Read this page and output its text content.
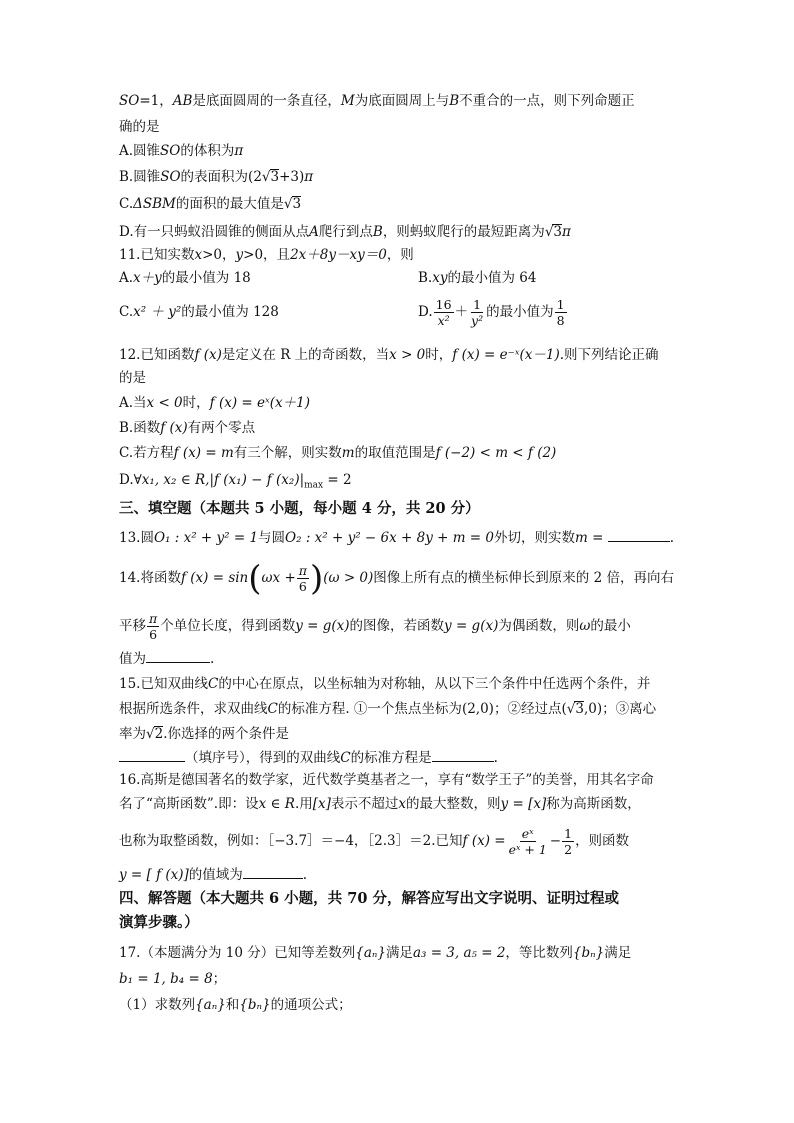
SO=1，AB是底面圆周的一条直径，M为底面圆周上与B不重合的一点，则下列命题正
确的是
A.圆锥SO的体积为π
B.圆锥SO的表面积为(2√3+3)π
C.ΔSBM的面积的最大值是√3
D.有一只蚂蚁沿圆锥的侧面从点A爬行到点B，则蚂蚁爬行的最短距离为√3π
11.已知实数x>0，y>0，且2x＋8y－xy＝0，则
A.x＋y的最小值为 18	B.xy的最小值为 64
C.x² ＋ y²的最小值为 128	D. $\frac{16}{\text{x²}} + \frac{1}{\text{y²}}$ 的最小值为 $\frac{1}{8}$
12.已知函数f (x)是定义在 R 上的奇函数，当x > 0时，f (x) = e⁻ˣ(x－1).则下列结论正确
的是
A.当x < 0时，f (x) = eˣ(x＋1)
B.函数f (x)有两个零点
C.若方程f (x) = m有三个解，则实数m的取值范围是f (−2) < m < f (2)
D.∀x₁, x₂ ∈ R,|f (x₁) − f $(x_2)|_{max} = 2$
三、填空题（本题共 5 小题，每小题 4 分，共 20 分）
13.圆O₁ : x² + y² = 1与圆O₂ : x² + y² − 6x + 8y + m = 0外切，则实数m =	.
14.将函数f $(x) = \sin(\omega x + \frac{\pi}{6} )(\omega > 0)$图像上所有点的横坐标伸长到原来的 2 倍，再向右
平移 $\frac{\pi}{6}$ 个单位长度，得到函数y = g(x)的图像，若函数y = g(x)为偶函数，则ω的最小
值为	.
15.已知双曲线C的中心在原点，以坐标轴为对称轴，从以下三个条件中任选两个条件，并
根据所选条件，求双曲线C的标准方程. ①一个焦点坐标为(2,0)；②经过点(√3,0)；③离心
率为√2.你选择的两个条件是
（填序号），得到的双曲线C的标准方程是	.
16.高斯是德国著名的数学家，近代数学奠基者之一，享有“数学王子”的美誉，用其名字命
名了“高斯函数”.即：设x ∈ R.用[x]表示不超过x的最大整数，则y = [x]称为高斯函数，
也称为取整函数，例如：［−3.7］＝−4，［2.3］＝2.已知f $(x) = \frac{\text{eˣ}}{\text{eˣ + 1}} - \frac{1}{2}$ ，则函数
y = [ f (x)]的值域为	.
四、解答题（本大题共 6 小题，共 70 分，解答应写出文字说明、证明过程或
演算步骤。）
17.（本题满分为 10 分）已知等差数列{aₙ}满足a₃ = 3, a₅ = 2，等比数列{bₙ}满足
b₁ = 1, b₄ = 8；
（1）求数列{aₙ}和{bₙ}的通项公式；
